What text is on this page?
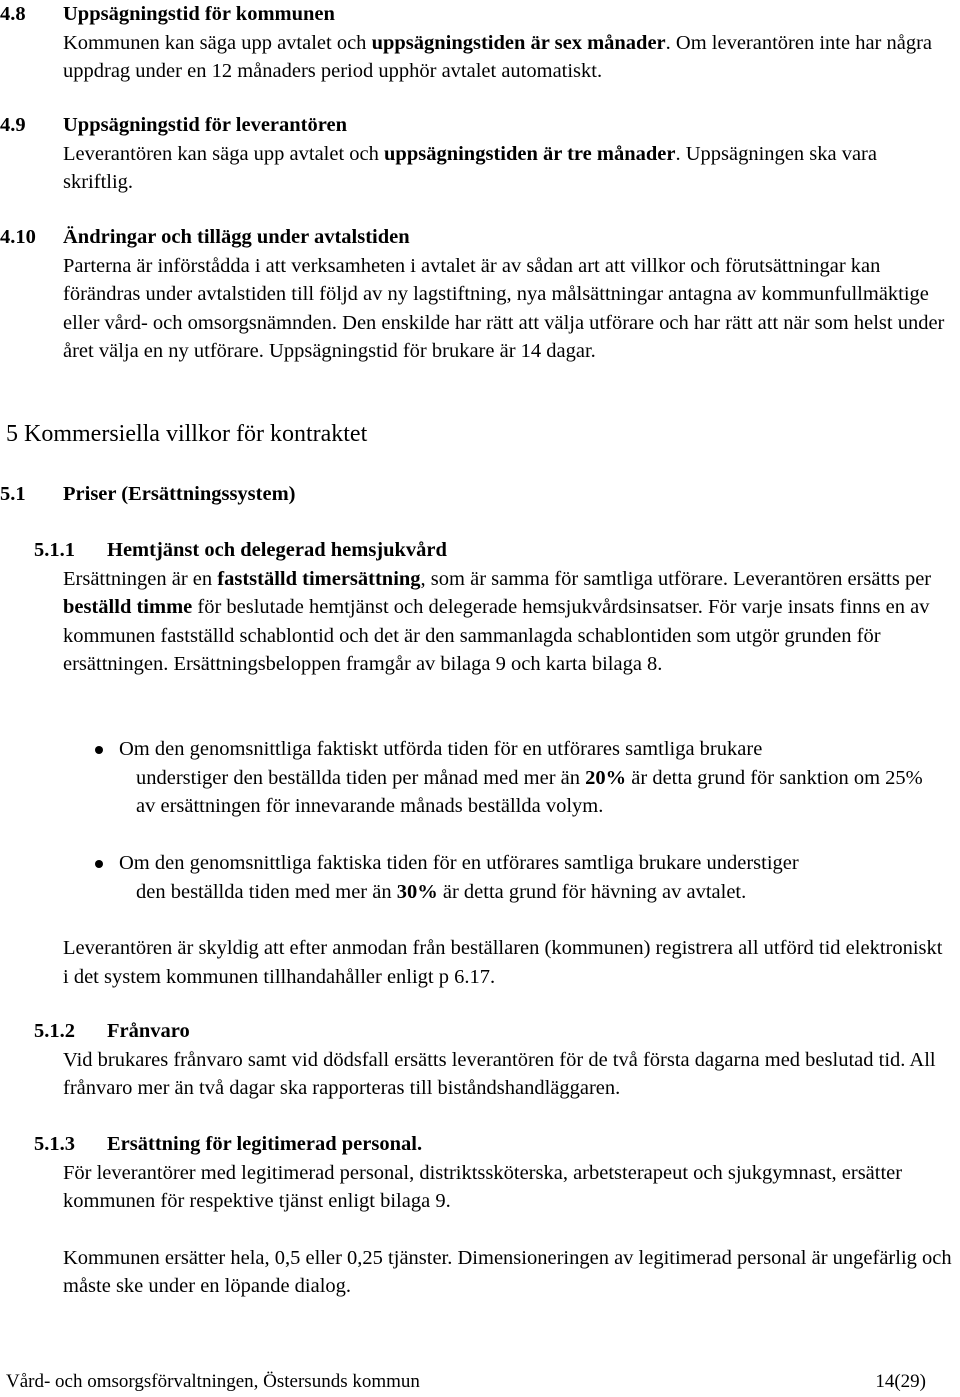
4.8 Uppsägningstid för kommunen
Kommunen kan säga upp avtalet och uppsägningstiden är sex månader. Om leverantören inte har några uppdrag under en 12 månaders period upphör avtalet automatiskt.
4.9 Uppsägningstid för leverantören
Leverantören kan säga upp avtalet och uppsägningstiden är tre månader. Uppsägningen ska vara skriftlig.
4.10 Ändringar och tillägg under avtalstiden
Parterna är införstådda i att verksamheten i avtalet är av sådan art att villkor och förutsättningar kan förändras under avtalstiden till följd av ny lagstiftning, nya målsättningar antagna av kommunfullmäktige eller vård- och omsorgsnämnden. Den enskilde har rätt att välja utförare och har rätt att när som helst under året välja en ny utförare. Uppsägningstid för brukare är 14 dagar.
5 Kommersiella villkor för kontraktet
5.1 Priser (Ersättningssystem)
5.1.1 Hemtjänst och delegerad hemsjukvård
Ersättningen är en fastställd timersättning, som är samma för samtliga utförare. Leverantören ersätts per beställd timme för beslutade hemtjänst och delegerade hemsjukvårdsinsatser. För varje insats finns en av kommunen fastställd schablontid och det är den sammanlagda schablontiden som utgör grunden för ersättningen. Ersättningsbeloppen framgår av bilaga 9 och karta bilaga 8.
Om den genomsnittliga faktiskt utförda tiden för en utförares samtliga brukare
understiger den beställda tiden per månad med mer än 20% är detta grund för sanktion om 25% av ersättningen för innevarande månads beställda volym.
Om den genomsnittliga faktiska tiden för en utförares samtliga brukare understiger
den beställda tiden med mer än 30% är detta grund för hävning av avtalet.
Leverantören är skyldig att efter anmodan från beställaren (kommunen) registrera all utförd tid elektroniskt i det system kommunen tillhandahåller enligt p 6.17.
5.1.2 Frånvaro
Vid brukares frånvaro samt vid dödsfall ersätts leverantören för de två första dagarna med beslutad tid. All frånvaro mer än två dagar ska rapporteras till biståndshandläggaren.
5.1.3 Ersättning för legitimerad personal.
För leverantörer med legitimerad personal, distriktssköterska, arbetsterapeut och sjukgymnast, ersätter kommunen för respektive tjänst enligt bilaga 9.
Kommunen ersätter hela, 0,5 eller 0,25 tjänster. Dimensioneringen av legitimerad personal är ungefärlig och måste ske under en löpande dialog.
Vård- och omsorgsförvaltningen, Östersunds kommun	14(29)
